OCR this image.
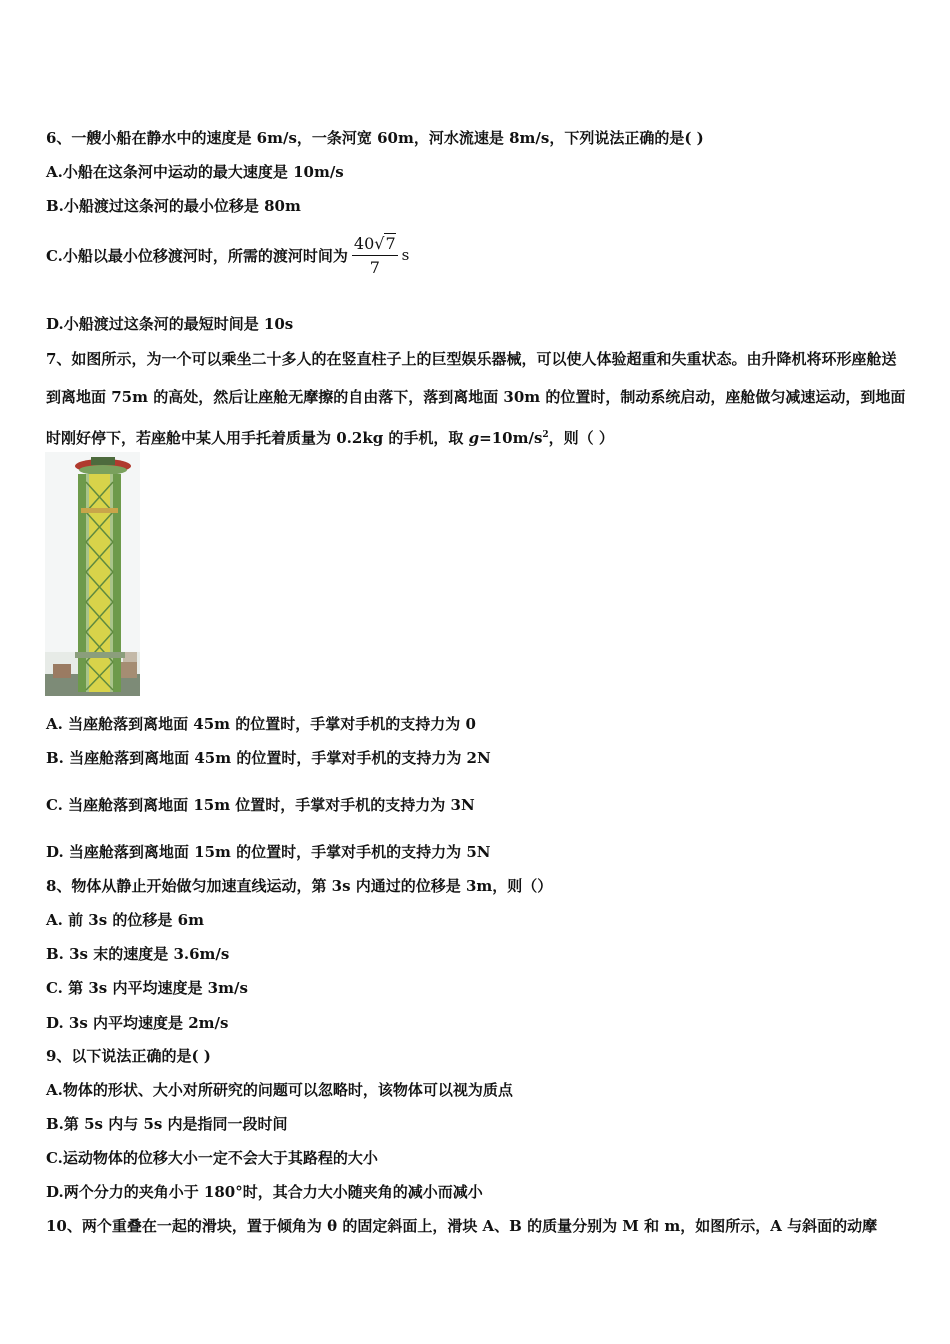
6、一艘小船在静水中的速度是 6m/s，一条河宽 60m，河水流速是 8m/s，下列说法正确的是( )
A.小船在这条河中运动的最大速度是 10m/s
B.小船渡过这条河的最小位移是 80m
C.小船以最小位移渡河时，所需的渡河时间为 $\frac{40√7}{7}$ s
D.小船渡过这条河的最短时间是 10s
7、如图所示，为一个可以乘坐二十多人的在竖直柱子上的巨型娱乐器械，可以使人体验超重和失重状态。由升降机将环形座舱送到离地面 75m 的高处，然后让座舱无摩擦的自由落下，落到离地面 30m 的位置时，制动系统启动，座舱做匀减速运动，到地面时刚好停下，若座舱中某人用手托着质量为 0.2kg 的手机，取 $g=10m/s^2$，则（ ）
A. 当座舱落到离地面 45m 的位置时，手掌对手机的支持力为 0
B. 当座舱落到离地面 45m 的位置时，手掌对手机的支持力为 2N
C. 当座舱落到离地面 15m 位置时，手掌对手机的支持力为 3N
D. 当座舱落到离地面 15m 的位置时，手掌对手机的支持力为 5N
8、物体从静止开始做匀加速直线运动，第 3s 内通过的位移是 3m，则（）
A. 前 3s 的位移是 6m
B. 3s 末的速度是 3.6m/s
C. 第 3s 内平均速度是 3m/s
D. 3s 内平均速度是 2m/s
9、以下说法正确的是( )
A.物体的形状、大小对所研究的问题可以忽略时，该物体可以视为质点
B.第 5s 内与 5s 内是指同一段时间
C.运动物体的位移大小一定不会大于其路程的大小
D.两个分力的夹角小于 180°时，其合力大小随夹角的减小而减小
10、两个重叠在一起的滑块，置于倾角为 θ 的固定斜面上，滑块 A、B 的质量分别为 M 和 m，如图所示，A 与斜面的动摩
